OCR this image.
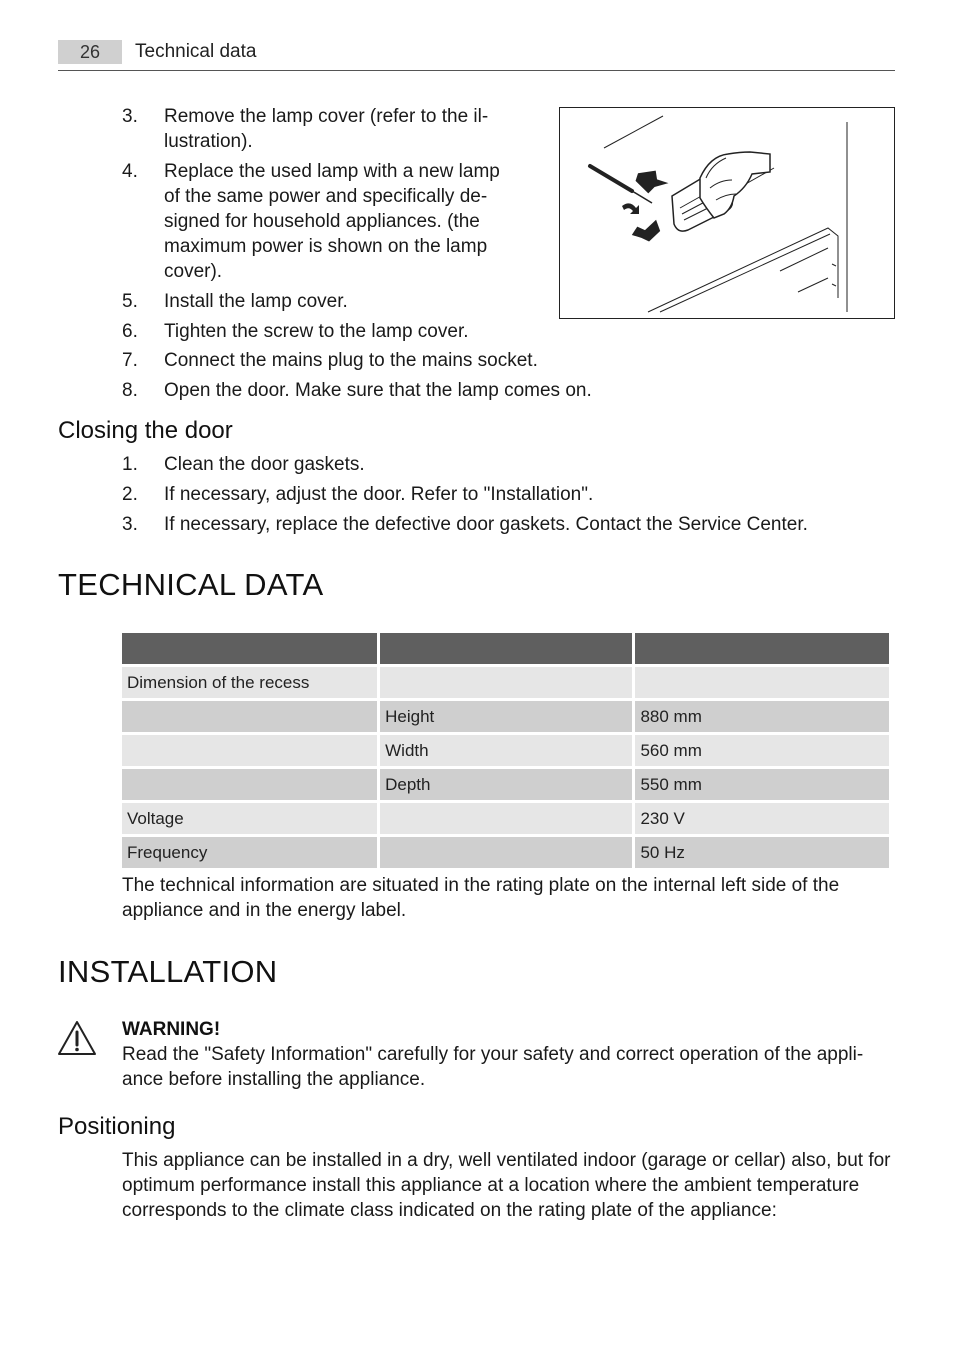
26	Technical data
3.	Remove the lamp cover (refer to the il-
lustration).
4.	Replace the used lamp with a new lamp
of the same power and specifically de-
signed for household appliances. (the
maximum power is shown on the lamp
cover).
5.	Install the lamp cover.
6.	Tighten the screw to the lamp cover.
7.	Connect the mains plug to the mains socket.
8.	Open the door. Make sure that the lamp comes on.
Closing the door
1.	Clean the door gaskets.
2.	If necessary, adjust the door. Refer to "Installation".
3.	If necessary, replace the defective door gaskets. Contact the Service Center.
TECHNICAL DATA

Dimension of the recess		
	Height	880 mm
	Width	560 mm
	Depth	550 mm
Voltage		230 V
Frequency		50 Hz
The technical information are situated in the rating plate on the internal left side of the
appliance and in the energy label.
INSTALLATION
WARNING!
Read the "Safety Information" carefully for your safety and correct operation of the appli-
ance before installing the appliance.
Positioning
This appliance can be installed in a dry, well ventilated indoor (garage or cellar) also, but for
optimum performance install this appliance at a location where the ambient temperature
corresponds to the climate class indicated on the rating plate of the appliance:
